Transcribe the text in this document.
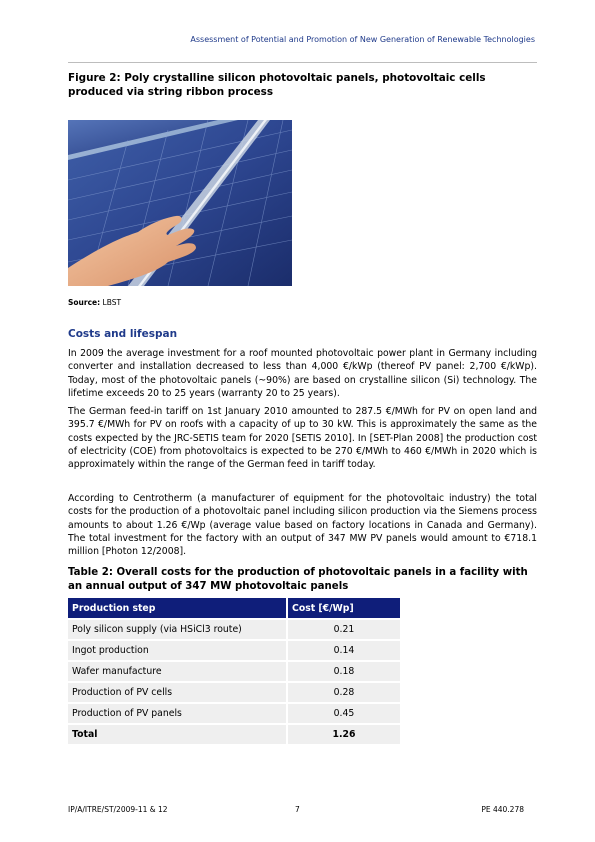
Assessment of Potential and Promotion of New Generation of Renewable Technologies
Figure 2: Poly crystalline silicon photovoltaic panels, photovoltaic cells produced via string ribbon process
Source: LBST
Costs and lifespan

In 2009 the average investment for a roof mounted photovoltaic power plant in Germany including converter and installation decreased to less than 4,000 €/kWp (thereof PV panel: 2,700 €/kWp). Today, most of the photovoltaic panels (~90%) are based on crystalline silicon (Si) technology. The lifetime exceeds 20 to 25 years (warranty 20 to 25 years).

The German feed-in tariff on 1st January 2010 amounted to 287.5 €/MWh for PV on open land and 395.7 €/MWh for PV on roofs with a capacity of up to 30 kW. This is approximately the same as the costs expected by the JRC-SETIS team for 2020 [SETIS 2010]. In [SET-Plan 2008] the production cost of electricity (COE) from photovoltaics is expected to be 270 €/MWh to 460 €/MWh in 2020 which is approximately within the range of the German feed in tariff today.

According to Centrotherm (a manufacturer of equipment for the photovoltaic industry) the total costs for the production of a photovoltaic panel including silicon production via the Siemens process amounts to about 1.26 €/Wp (average value based on factory locations in Canada and Germany). The total investment for the factory with an output of 347 MW PV panels would amount to €718.1 million [Photon 12/2008].

Table 2: Overall costs for the production of photovoltaic panels in a facility with an annual output of 347 MW photovoltaic panels
Production step	Cost [€/Wp]
Poly silicon supply (via HSiCl3 route)	0.21
Ingot production	0.14
Wafer manufacture	0.18
Production of PV cells	0.28
Production of PV panels	0.45
Total	1.26
IP/A/ITRE/ST/2009-11 & 12	7	PE 440.278
